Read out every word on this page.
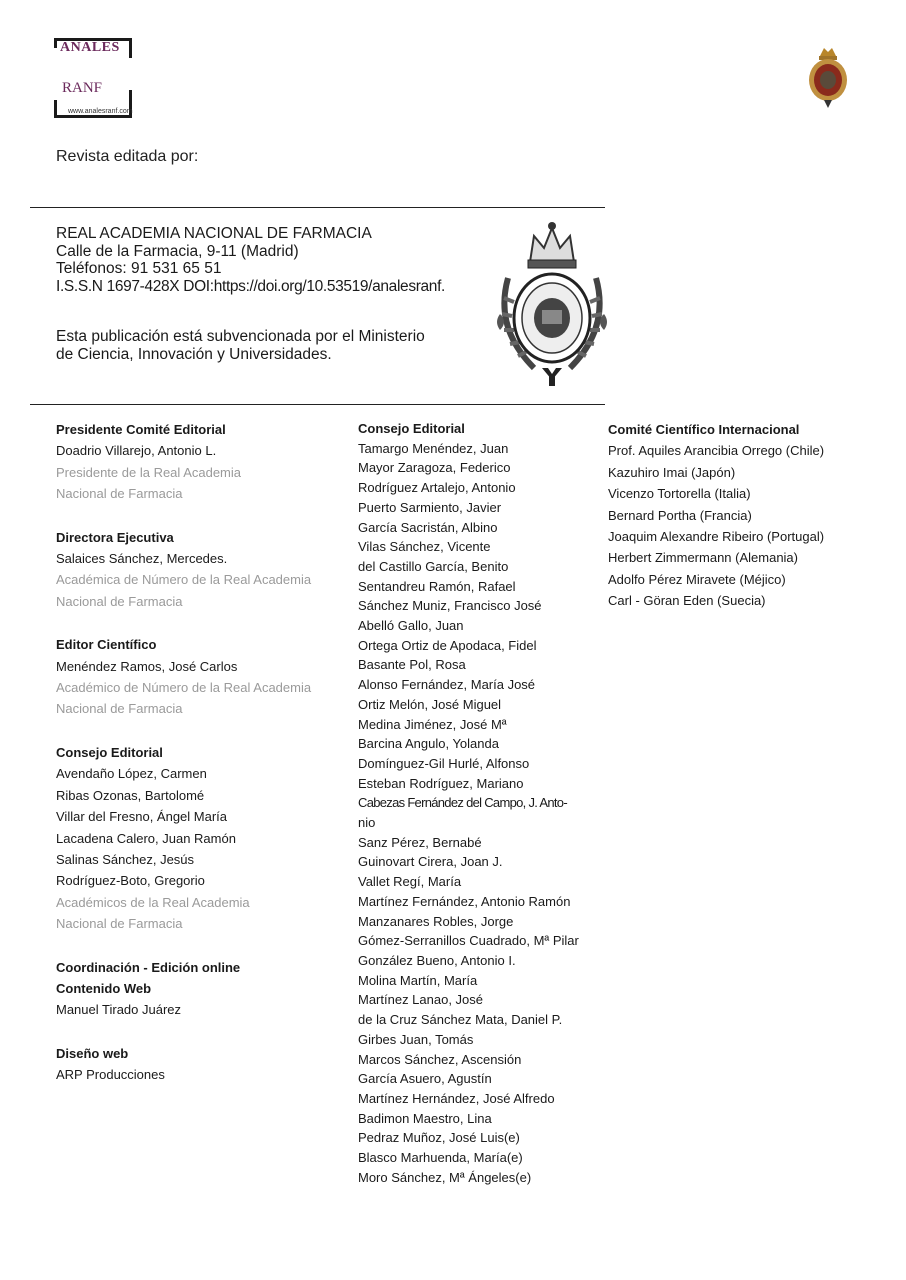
ANALES
RANF
www.analesranf.com
Revista editada por:
REAL ACADEMIA NACIONAL DE FARMACIA
Calle de la Farmacia, 9-11 (Madrid)
Teléfonos: 91 531 65 51
I.S.S.N 1697-428X DOI:https://doi.org/10.53519/analesranf.
Esta publicación está subvencionada por el Ministerio
de Ciencia, Innovación y Universidades.
Presidente Comité Editorial
Doadrio Villarejo, Antonio L.
Presidente de la Real Academia
Nacional de Farmacia
Directora Ejecutiva
Salaices Sánchez, Mercedes.
Académica de Número de la Real Academia
Nacional de Farmacia
Editor Científico
Menéndez Ramos, José Carlos
Académico de Número de la Real Academia
Nacional de Farmacia
Consejo Editorial
Avendaño López, Carmen
Ribas Ozonas, Bartolomé
Villar del Fresno, Ángel María
Lacadena Calero, Juan Ramón
Salinas Sánchez, Jesús
Rodríguez-Boto, Gregorio
Académicos de la Real Academia
Nacional de Farmacia
Coordinación - Edición online
Contenido Web
Manuel Tirado Juárez
Diseño web
ARP Producciones
Consejo Editorial
Tamargo Menéndez, Juan
Mayor Zaragoza, Federico
Rodríguez Artalejo, Antonio
Puerto Sarmiento, Javier
García Sacristán, Albino
Vilas Sánchez, Vicente
del Castillo García, Benito
Sentandreu Ramón, Rafael
Sánchez Muniz, Francisco José
Abelló Gallo, Juan
Ortega Ortiz de Apodaca, Fidel
Basante Pol, Rosa
Alonso Fernández, María José
Ortiz Melón, José Miguel
Medina Jiménez, José Mª
Barcina Angulo, Yolanda
Domínguez-Gil Hurlé, Alfonso
Esteban Rodríguez, Mariano
Cabezas Fernández del Campo, J. Anto-
nio
Sanz Pérez, Bernabé
Guinovart Cirera, Joan J.
Vallet Regí, María
Martínez Fernández, Antonio Ramón
Manzanares Robles, Jorge
Gómez-Serranillos Cuadrado, Mª Pilar
González Bueno, Antonio I.
Molina Martín, María
Martínez Lanao, José
de la Cruz Sánchez Mata, Daniel P.
Girbes Juan, Tomás
Marcos Sánchez, Ascensión
García Asuero, Agustín
Martínez Hernández, José Alfredo
Badimon Maestro, Lina
Pedraz Muñoz, José Luis(e)
Blasco Marhuenda, María(e)
Moro Sánchez, Mª Ángeles(e)
Comité Científico Internacional
Prof. Aquiles Arancibia Orrego (Chile)
Kazuhiro Imai (Japón)
Vicenzo Tortorella (Italia)
Bernard Portha (Francia)
Joaquim Alexandre Ribeiro (Portugal)
Herbert Zimmermann (Alemania)
Adolfo Pérez Miravete (Méjico)
Carl - Göran Eden (Suecia)
